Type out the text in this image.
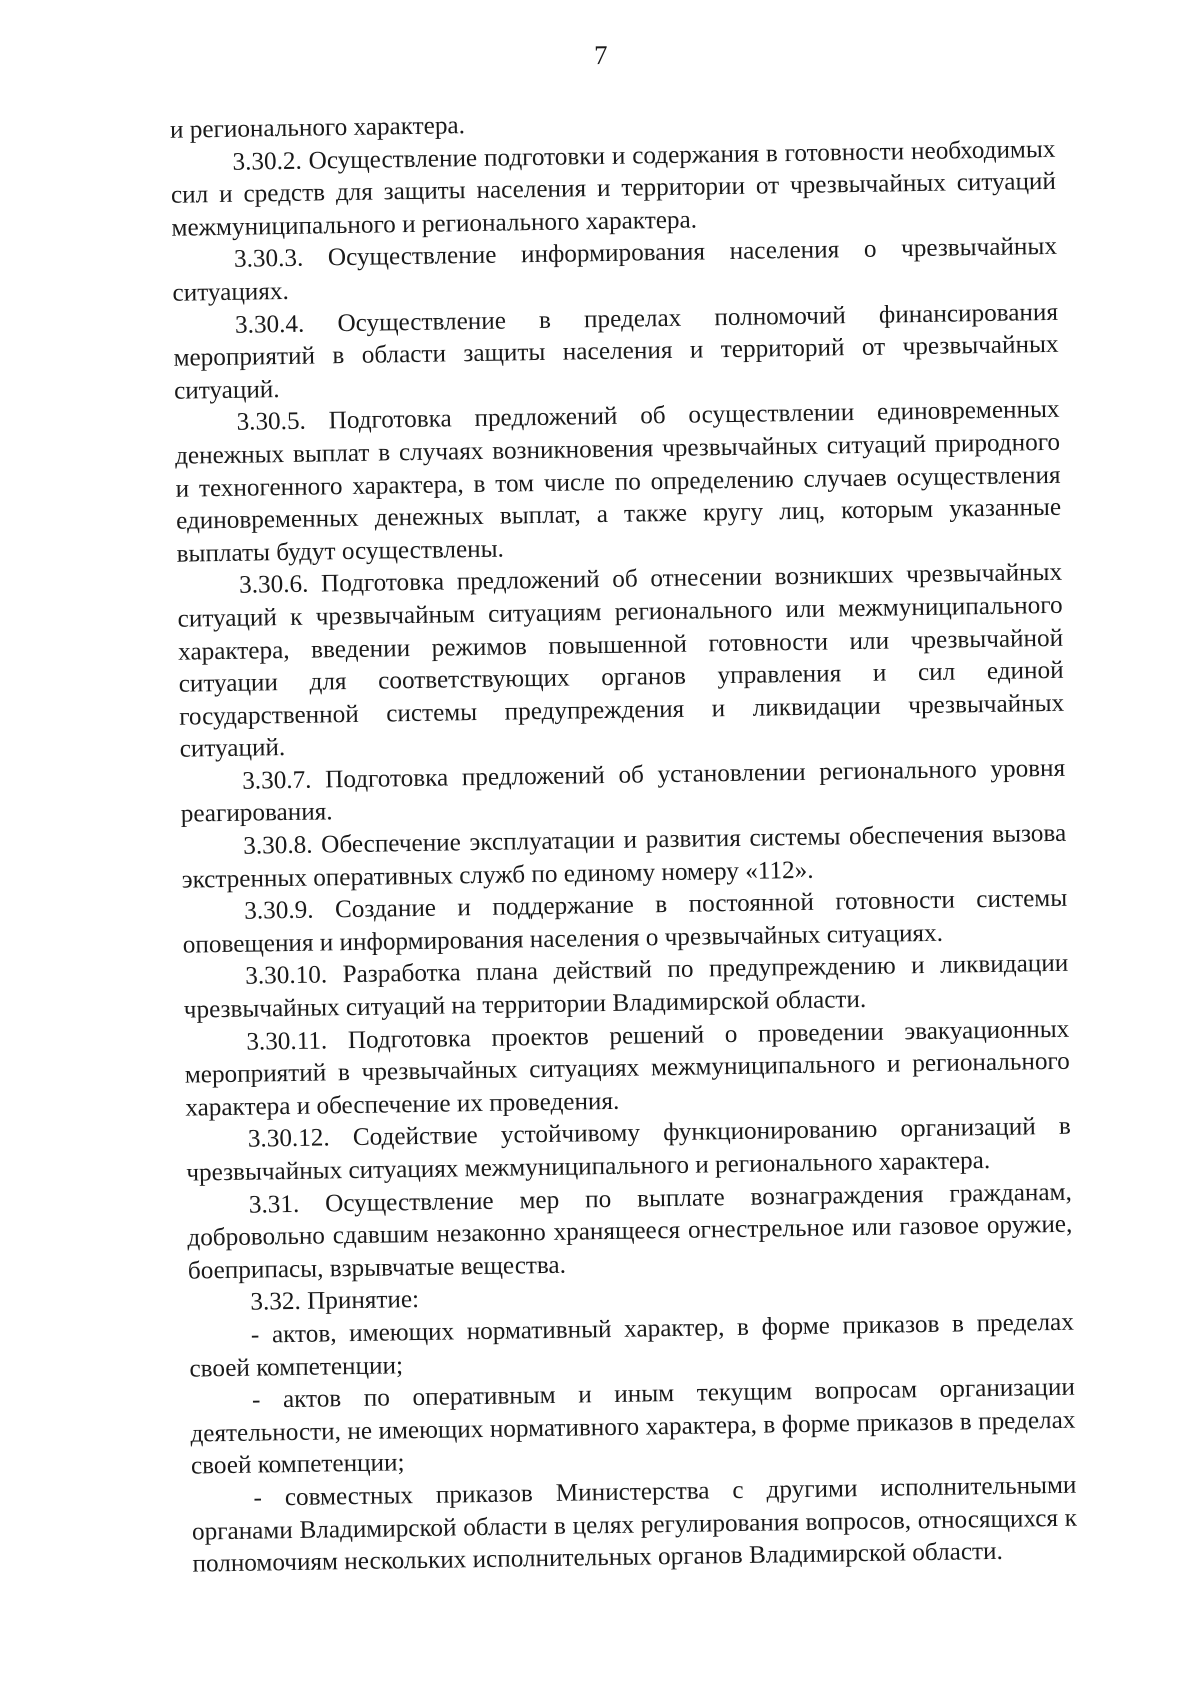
7

и регионального характера.

3.30.2. Осуществление подготовки и содержания в готовности необходимых сил и средств для защиты населения и территории от чрезвычайных ситуаций межмуниципального и регионального характера.

3.30.3. Осуществление информирования населения о чрезвычайных ситуациях.

3.30.4. Осуществление в пределах полномочий финансирования мероприятий в области защиты населения и территорий от чрезвычайных ситуаций.

3.30.5. Подготовка предложений об осуществлении единовременных денежных выплат в случаях возникновения чрезвычайных ситуаций природного и техногенного характера, в том числе по определению случаев осуществления единовременных денежных выплат, а также кругу лиц, которым указанные выплаты будут осуществлены.

3.30.6. Подготовка предложений об отнесении возникших чрезвычайных ситуаций к чрезвычайным ситуациям регионального или межмуниципального характера, введении режимов повышенной готовности или чрезвычайной ситуации для соответствующих органов управления и сил единой государственной системы предупреждения и ликвидации чрезвычайных ситуаций.

3.30.7. Подготовка предложений об установлении регионального уровня реагирования.

3.30.8. Обеспечение эксплуатации и развития системы обеспечения вызова экстренных оперативных служб по единому номеру «112».

3.30.9. Создание и поддержание в постоянной готовности системы оповещения и информирования населения о чрезвычайных ситуациях.

3.30.10. Разработка плана действий по предупреждению и ликвидации чрезвычайных ситуаций на территории Владимирской области.

3.30.11. Подготовка проектов решений о проведении эвакуационных мероприятий в чрезвычайных ситуациях межмуниципального и регионального характера и обеспечение их проведения.

3.30.12. Содействие устойчивому функционированию организаций в чрезвычайных ситуациях межмуниципального и регионального характера.

3.31. Осуществление мер по выплате вознаграждения гражданам, добровольно сдавшим незаконно хранящееся огнестрельное или газовое оружие, боеприпасы, взрывчатые вещества.

3.32. Принятие:

- актов, имеющих нормативный характер, в форме приказов в пределах своей компетенции;

- актов по оперативным и иным текущим вопросам организации деятельности, не имеющих нормативного характера, в форме приказов в пределах своей компетенции;

- совместных приказов Министерства с другими исполнительными органами Владимирской области в целях регулирования вопросов, относящихся к полномочиям нескольких исполнительных органов Владимирской области.
